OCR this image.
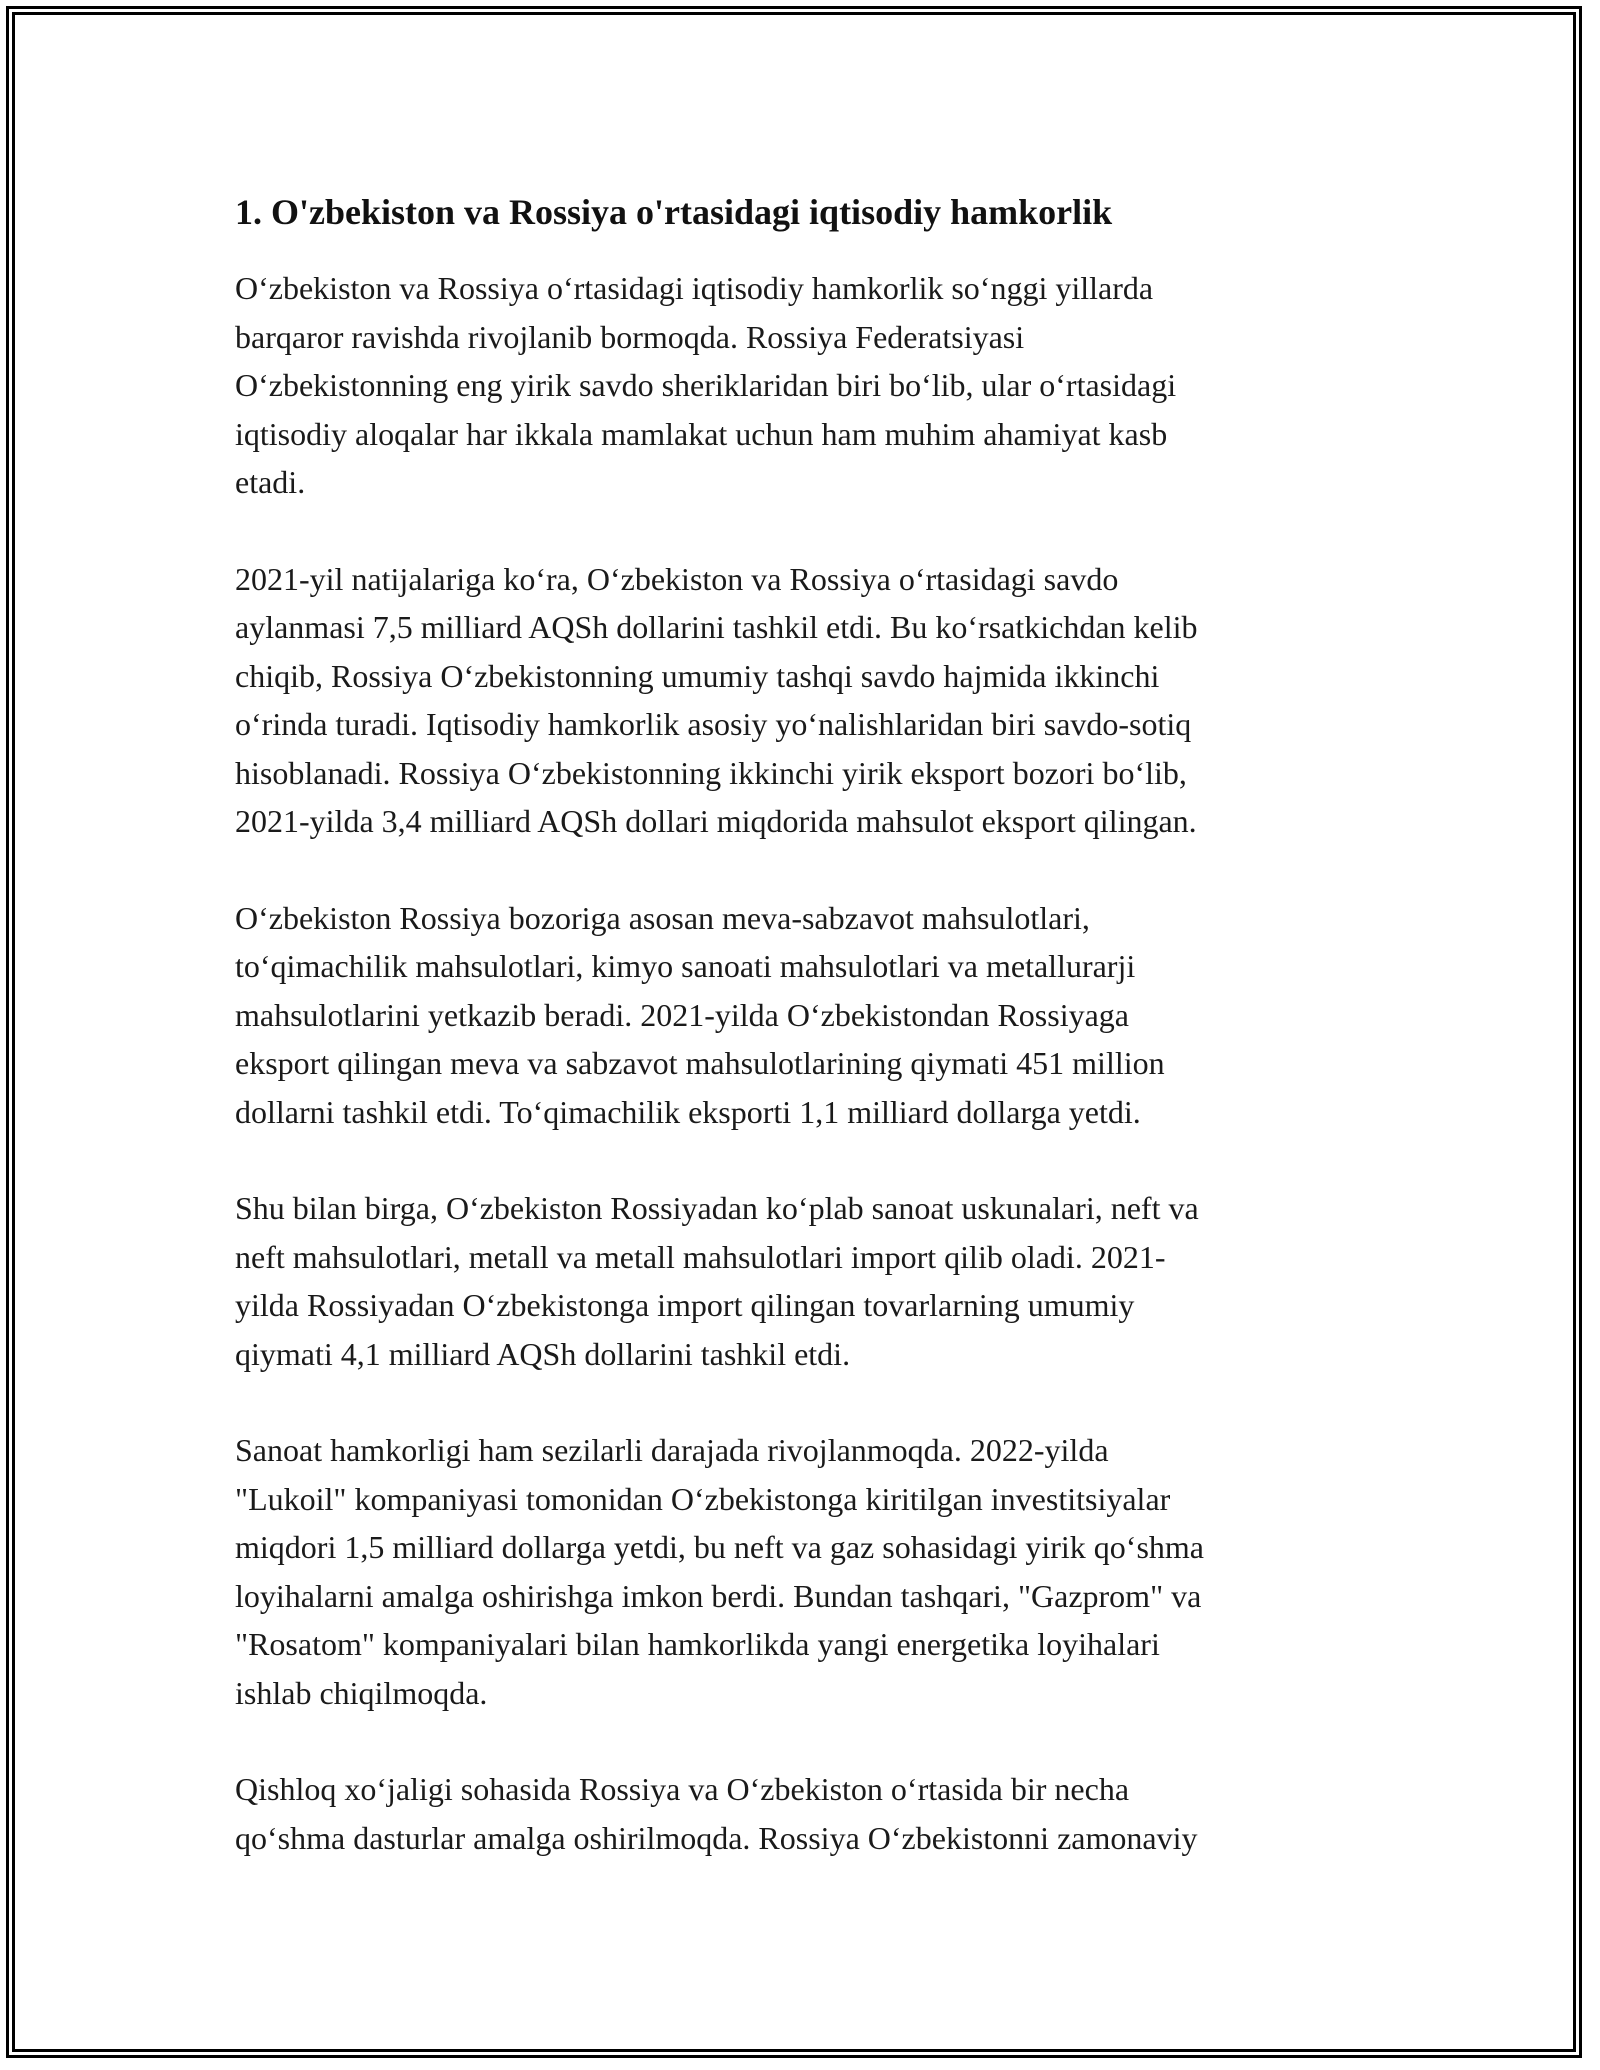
1. O'zbekiston va Rossiya o'rtasidagi iqtisodiy hamkorlik

O‘zbekiston va Rossiya o‘rtasidagi iqtisodiy hamkorlik so‘nggi yillarda
barqaror ravishda rivojlanib bormoqda. Rossiya Federatsiyasi
O‘zbekistonning eng yirik savdo sheriklaridan biri bo‘lib, ular o‘rtasidagi
iqtisodiy aloqalar har ikkala mamlakat uchun ham muhim ahamiyat kasb
etadi.

2021-yil natijalariga ko‘ra, O‘zbekiston va Rossiya o‘rtasidagi savdo
aylanmasi 7,5 milliard AQSh dollarini tashkil etdi. Bu ko‘rsatkichdan kelib
chiqib, Rossiya O‘zbekistonning umumiy tashqi savdo hajmida ikkinchi
o‘rinda turadi. Iqtisodiy hamkorlik asosiy yo‘nalishlaridan biri savdo-sotiq
hisoblanadi. Rossiya O‘zbekistonning ikkinchi yirik eksport bozori bo‘lib,
2021-yilda 3,4 milliard AQSh dollari miqdorida mahsulot eksport qilingan.

O‘zbekiston Rossiya bozoriga asosan meva-sabzavot mahsulotlari,
to‘qimachilik mahsulotlari, kimyo sanoati mahsulotlari va metallurarji
mahsulotlarini yetkazib beradi. 2021-yilda O‘zbekistondan Rossiyaga
eksport qilingan meva va sabzavot mahsulotlarining qiymati 451 million
dollarni tashkil etdi. To‘qimachilik eksporti 1,1 milliard dollarga yetdi.

Shu bilan birga, O‘zbekiston Rossiyadan ko‘plab sanoat uskunalari, neft va
neft mahsulotlari, metall va metall mahsulotlari import qilib oladi. 2021-
yilda Rossiyadan O‘zbekistonga import qilingan tovarlarning umumiy
qiymati 4,1 milliard AQSh dollarini tashkil etdi.

Sanoat hamkorligi ham sezilarli darajada rivojlanmoqda. 2022-yilda
"Lukoil" kompaniyasi tomonidan O‘zbekistonga kiritilgan investitsiyalar
miqdori 1,5 milliard dollarga yetdi, bu neft va gaz sohasidagi yirik qo‘shma
loyihalarni amalga oshirishga imkon berdi. Bundan tashqari, "Gazprom" va
"Rosatom" kompaniyalari bilan hamkorlikda yangi energetika loyihalari
ishlab chiqilmoqda.

Qishloq xo‘jaligi sohasida Rossiya va O‘zbekiston o‘rtasida bir necha
qo‘shma dasturlar amalga oshirilmoqda. Rossiya O‘zbekistonni zamonaviy
